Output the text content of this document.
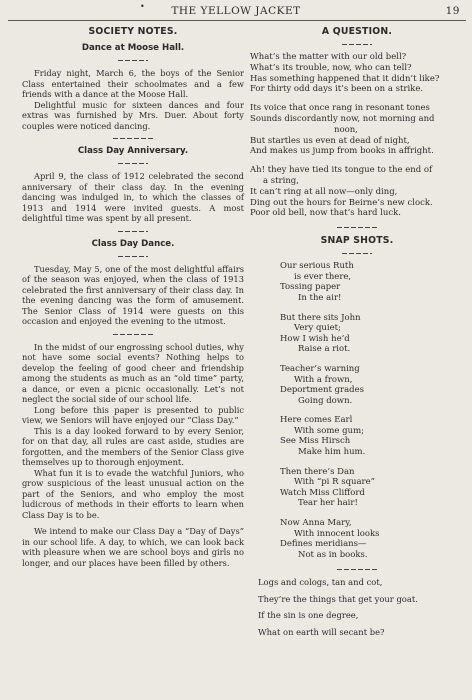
•	THE YELLOW JACKET	19
SOCIETY NOTES.
Dance at Moose Hall.

Friday night, March 6, the boys of the Senior Class entertained their schoolmates and a few friends with a dance at the Moose Hall.

Delightful music for sixteen dances and four extras was furnished by Mrs. Duer. About forty couples were noticed dancing.

Class Day Anniversary.

April 9, the class of 1912 celebrated the second anniversary of their class day. In the evening dancing was indulged in, to which the classes of 1913 and 1914 were invited guests. A most delightful time was spent by all present.

Class Day Dance.

Tuesday, May 5, one of the most delightful affairs of the season was enjoyed, when the class of 1913 celebrated the first anniversary of their class day. In the evening dancing was the form of amusement. The Senior Class of 1914 were guests on this occasion and enjoyed the evening to the utmost.

In the midst of our engrossing school duties, why not have some social events? Nothing helps to develop the feeling of good cheer and friendship among the students as much as an “old time” party, a dance, or even a picnic occasionally. Let’s not neglect the social side of our school life.

Long before this paper is presented to public view, we Seniors will have enjoyed our “Class Day.”

This is a day looked forward to by every Senior, for on that day, all rules are cast aside, studies are forgotten, and the members of the Senior Class give themselves up to thorough enjoyment.

What fun it is to evade the watchful Juniors, who grow suspicious of the least unusual action on the part of the Seniors, and who employ the most ludicrous of methods in their efforts to learn when Class Day is to be.

We intend to make our Class Day a “Day of Days” in our school life. A day, to which, we can look back with pleasure when we are school boys and girls no longer, and our places have been filled by others.

A QUESTION.
What’s the matter with our old bell?
What’s its trouble, now, who can tell?
Has something happened that it didn’t like?
For thirty odd days it’s been on a strike.
Its voice that once rang in resonant tones
Sounds discordantly now, not morning and
noon,
But startles us even at dead of night,
And makes us jump from books in affright.
Ah! they have tied its tongue to the end of
a string,
It can’t ring at all now—only ding,
Ding out the hours for Beirne’s new clock.
Poor old bell, now that’s hard luck.
SNAP SHOTS.
Our serious Ruth
is ever there,
Tossing paper
In the air!
But there sits John
Very quiet;
How I wish he’d
Raise a riot.
Teacher’s warning
With a frown,
Deportment grades
Going down.
Here comes Earl
With some gum;
See Miss Hirsch
Make him hum.
Then there’s Dan
With “pi R square”
Watch Miss Clifford
Tear her hair!
Now Anna Mary,
With innocent looks
Defines meridians—
Not as in books.
Logs and cologs, tan and cot,
They’re the things that get your goat.
If the sin is one degree,
What on earth will secant be?
